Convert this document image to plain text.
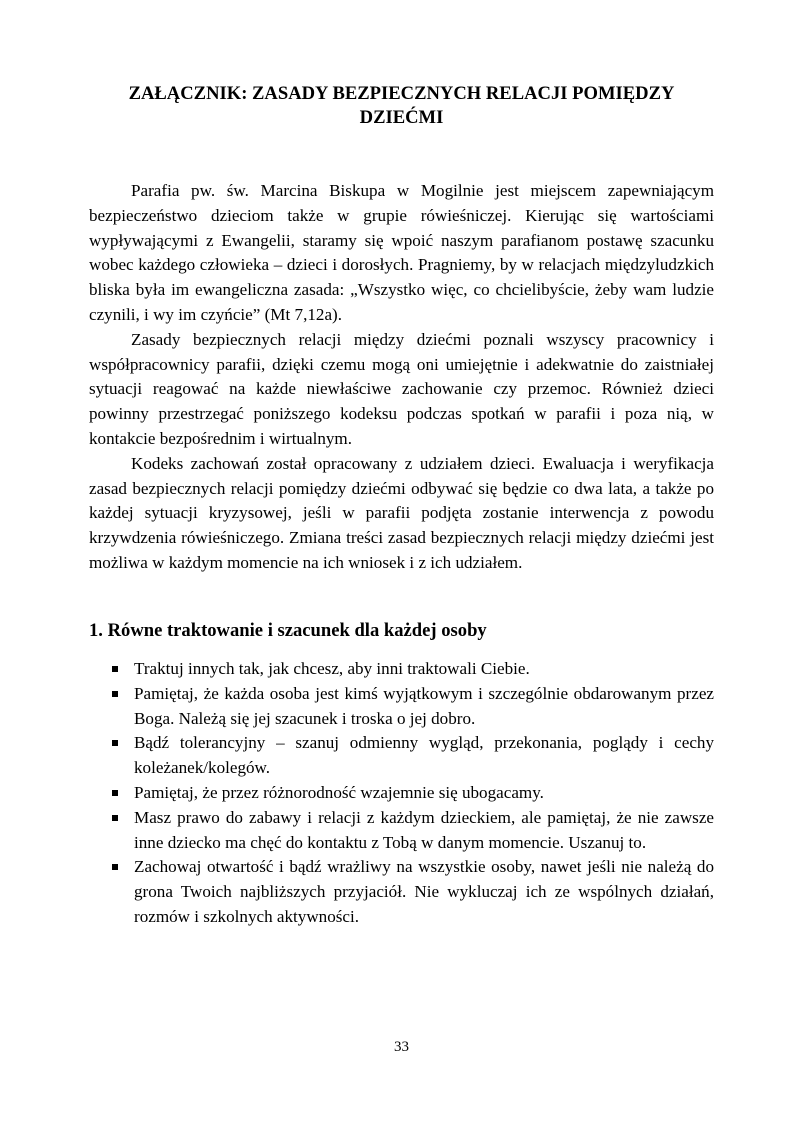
ZAŁĄCZNIK: ZASADY BEZPIECZNYCH RELACJI POMIĘDZY
DZIEĆMI

Parafia pw. św. Marcina Biskupa w Mogilnie jest miejscem zapewniającym bezpieczeństwo dzieciom także w grupie rówieśniczej. Kierując się wartościami wypływającymi z Ewangelii, staramy się wpoić naszym parafianom postawę szacunku wobec każdego człowieka – dzieci i dorosłych. Pragniemy, by w relacjach międzyludzkich bliska była im ewangeliczna zasada: „Wszystko więc, co chcielibyście, żeby wam ludzie czynili, i wy im czyńcie” (Mt 7,12a).

Zasady bezpiecznych relacji między dziećmi poznali wszyscy pracownicy i współpracownicy parafii, dzięki czemu mogą oni umiejętnie i adekwatnie do zaistniałej sytuacji reagować na każde niewłaściwe zachowanie czy przemoc. Również dzieci powinny przestrzegać poniższego kodeksu podczas spotkań w parafii i poza nią, w kontakcie bezpośrednim i wirtualnym.

Kodeks zachowań został opracowany z udziałem dzieci. Ewaluacja i weryfikacja zasad bezpiecznych relacji pomiędzy dziećmi odbywać się będzie co dwa lata, a także po każdej sytuacji kryzysowej, jeśli w parafii podjęta zostanie interwencja z powodu krzywdzenia rówieśniczego. Zmiana treści zasad bezpiecznych relacji między dziećmi jest możliwa w każdym momencie na ich wniosek i z ich udziałem.

1. Równe traktowanie i szacunek dla każdej osoby
Traktuj innych tak, jak chcesz, aby inni traktowali Ciebie.
Pamiętaj, że każda osoba jest kimś wyjątkowym i szczególnie obdarowanym przez Boga. Należą się jej szacunek i troska o jej dobro.
Bądź tolerancyjny – szanuj odmienny wygląd, przekonania, poglądy i cechy koleżanek/kolegów.
Pamiętaj, że przez różnorodność wzajemnie się ubogacamy.
Masz prawo do zabawy i relacji z każdym dzieckiem, ale pamiętaj, że nie zawsze inne dziecko ma chęć do kontaktu z Tobą w danym momencie. Uszanuj to.
Zachowaj otwartość i bądź wrażliwy na wszystkie osoby, nawet jeśli nie należą do grona Twoich najbliższych przyjaciół. Nie wykluczaj ich ze wspólnych działań, rozmów i szkolnych aktywności.
33
